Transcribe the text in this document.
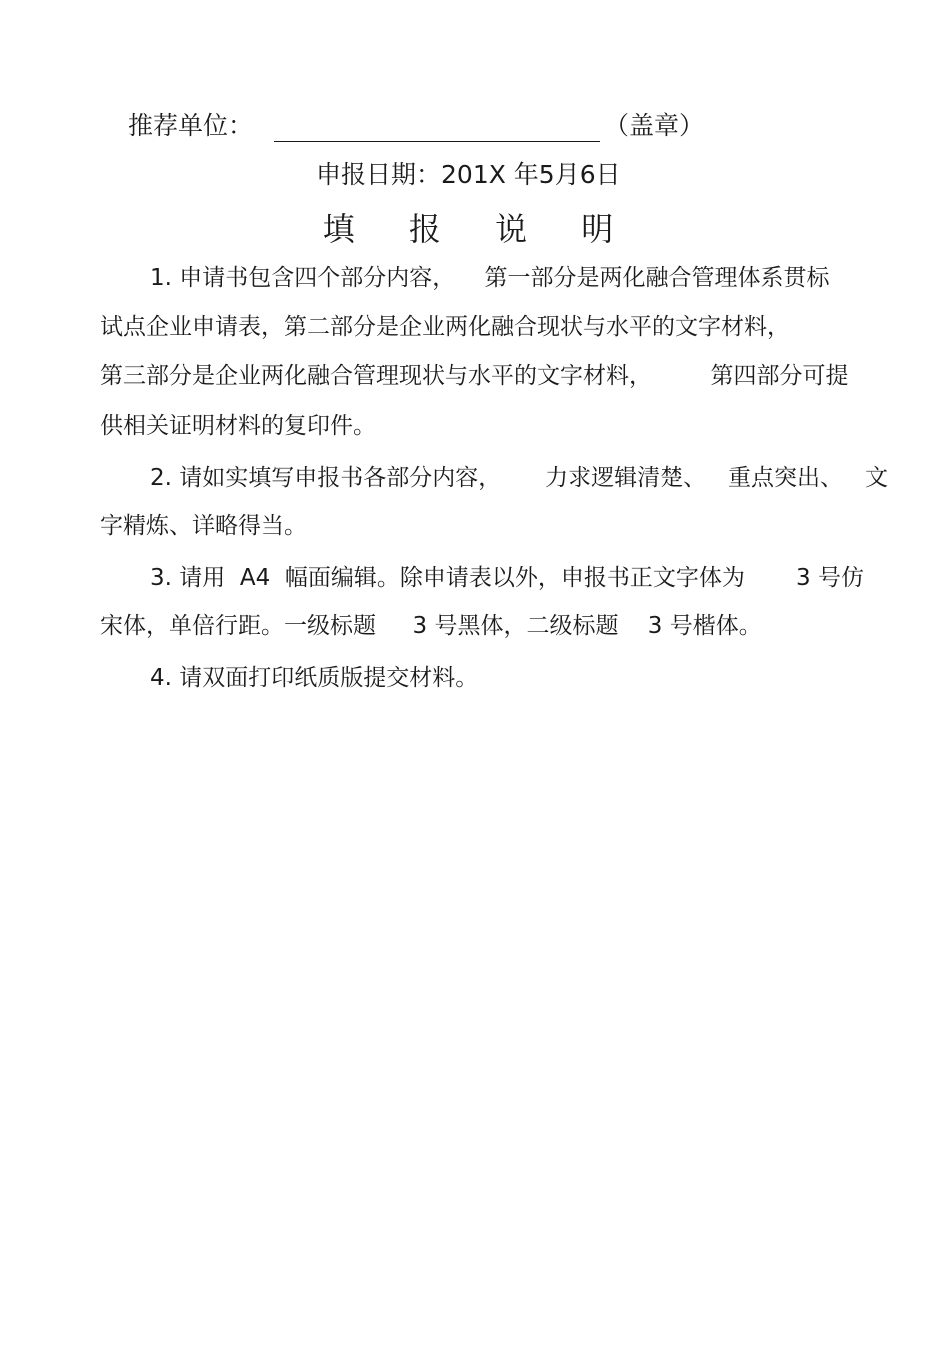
推荐单位：	（盖章）
申报日期：201X 年5月6日
填 报 说 明
1. 申请书包含四个部分内容，    第一部分是两化融合管理体系贯标
试点企业申请表，第二部分是企业两化融合现状与水平的文字材料，
第三部分是企业两化融合管理现状与水平的文字材料，        第四部分可提
供相关证明材料的复印件。
2. 请如实填写申报书各部分内容，      力求逻辑清楚、   重点突出、   文
字精炼、详略得当。
3. 请用  A4  幅面编辑。除申请表以外，申报书正文字体为       3 号仿
宋体，单倍行距。一级标题     3 号黑体，二级标题    3 号楷体。
4. 请双面打印纸质版提交材料。
